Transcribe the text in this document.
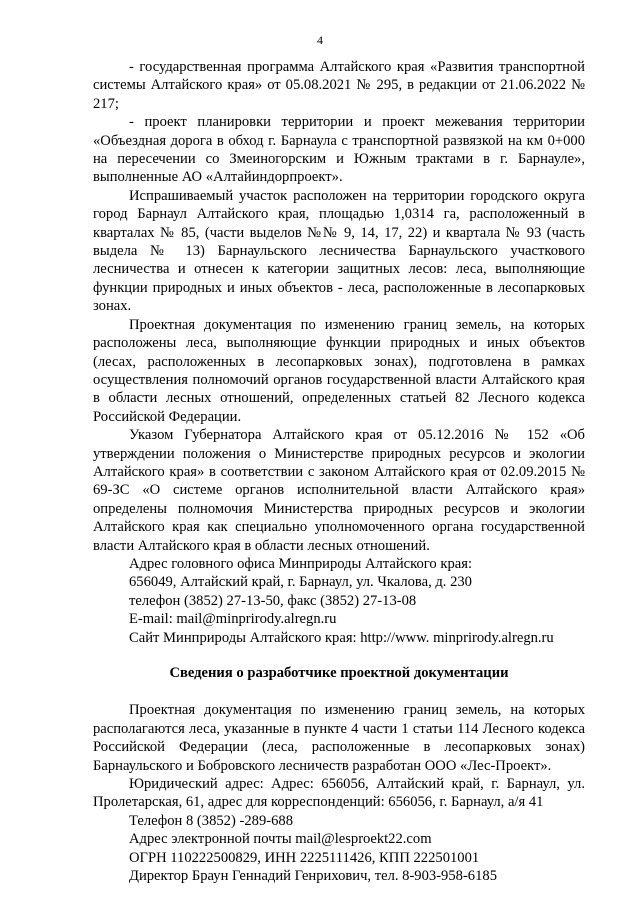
4

- государственная программа Алтайского края «Развития транспортной системы Алтайского края» от 05.08.2021 № 295, в редакции от 21.06.2022 № 217;

- проект планировки территории и проект межевания территории «Объездная дорога в обход г. Барнаула с транспортной развязкой на км 0+000 на пересечении со Змеиногорским и Южным трактами в г. Барнауле», выполненные АО «Алтайиндорпроект».

Испрашиваемый участок расположен на территории городского округа город Барнаул Алтайского края, площадью 1,0314 га, расположенный в кварталах № 85, (части выделов №№ 9, 14, 17, 22) и квартала № 93 (часть выдела № 13) Барнаульского лесничества Барнаульского участкового лесничества и отнесен к категории защитных лесов: леса, выполняющие функции природных и иных объектов - леса, расположенные в лесопарковых зонах.

Проектная документация по изменению границ земель, на которых расположены леса, выполняющие функции природных и иных объектов (лесах, расположенных в лесопарковых зонах), подготовлена в рамках осуществления полномочий органов государственной власти Алтайского края в области лесных отношений, определенных статьей 82 Лесного кодекса Российской Федерации.

Указом Губернатора Алтайского края от 05.12.2016 № 152 «Об утверждении положения о Министерстве природных ресурсов и экологии Алтайского края» в соответствии с законом Алтайского края от 02.09.2015 № 69-ЗС «О системе органов исполнительной власти Алтайского края» определены полномочия Министерства природных ресурсов и экологии Алтайского края как специально уполномоченного органа государственной власти Алтайского края в области лесных отношений.

Адрес головного офиса Минприроды Алтайского края:

656049, Алтайский край, г. Барнаул, ул. Чкалова, д. 230

телефон (3852) 27-13-50, факс (3852) 27-13-08

E-mail: mail@minprirody.alregn.ru

Сайт Минприроды Алтайского края: http://www. minprirody.alregn.ru

Сведения о разработчике проектной документации

Проектная документация по изменению границ земель, на которых располагаются леса, указанные в пункте 4 части 1 статьи 114 Лесного кодекса Российской Федерации (леса, расположенные в лесопарковых зонах) Барнаульского и Бобровского лесничеств разработан ООО «Лес-Проект».

Юридический адрес: Адрес: 656056, Алтайский край, г. Барнаул, ул. Пролетарская, 61, адрес для корреспонденций: 656056, г. Барнаул, а/я 41

Телефон 8 (3852) -289-688

Адрес электронной почты mail@lesproekt22.com

ОГРН 110222500829, ИНН 2225111426, КПП 222501001

Директор Браун Геннадий Генрихович, тел. 8-903-958-6185
